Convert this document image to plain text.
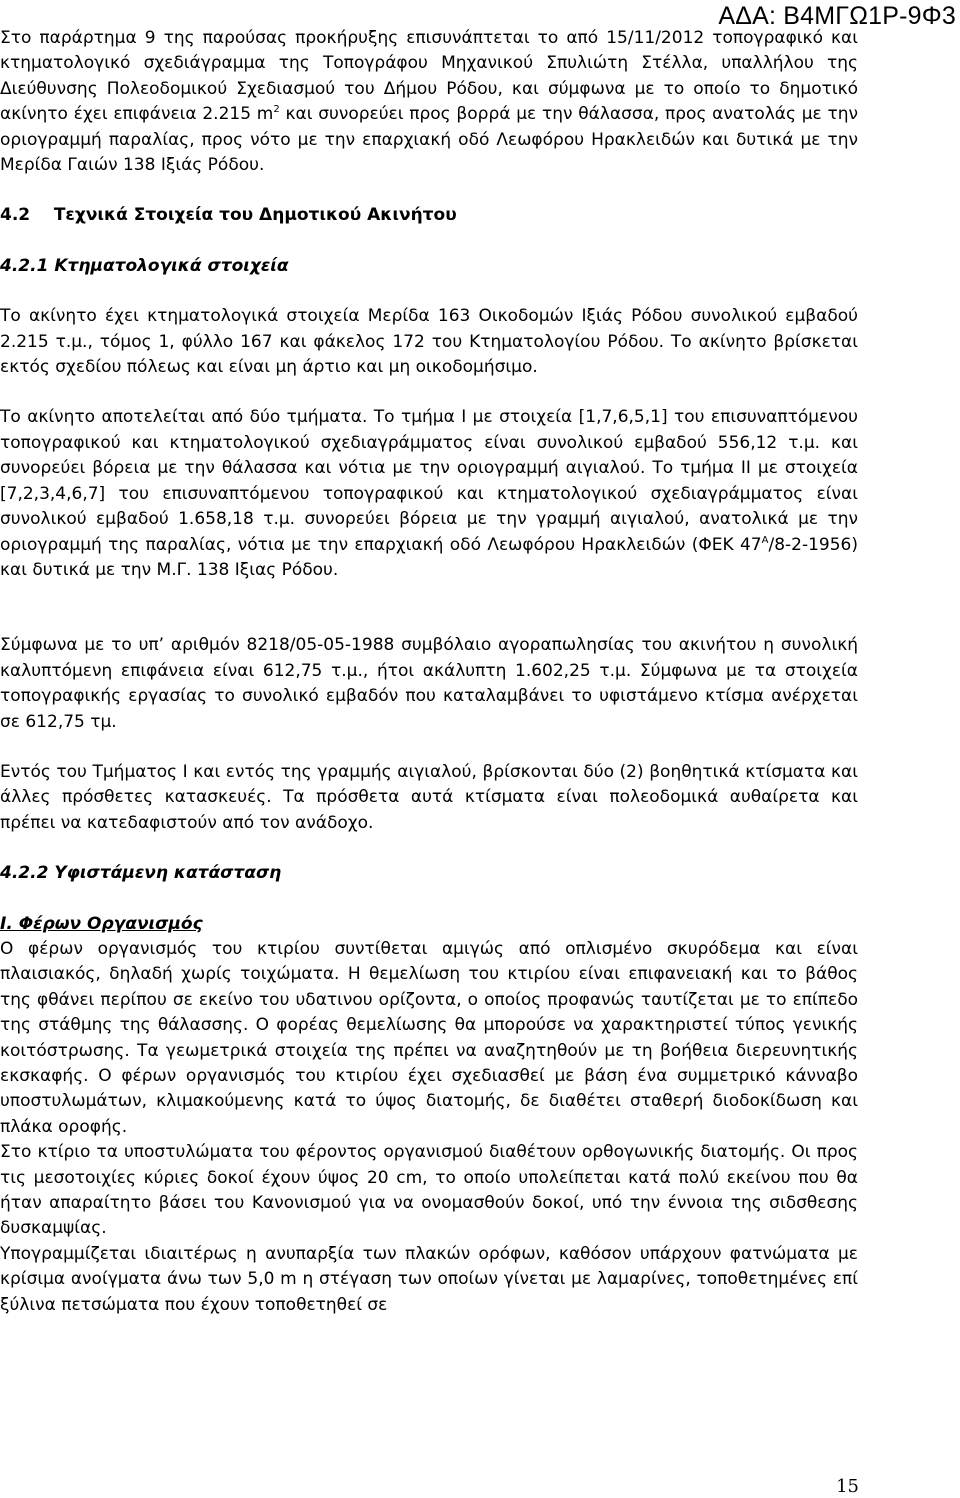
ΑΔΑ: Β4ΜΓΩ1Ρ-9Φ3

Στο παράρτημα 9 της παρούσας προκήρυξης επισυνάπτεται το από 15/11/2012 τοπογραφικό και κτηματολογικό σχεδιάγραμμα της Τοπογράφου Μηχανικού Σπυλιώτη Στέλλα, υπαλλήλου της Διεύθυνσης Πολεοδομικού Σχεδιασμού του Δήμου Ρόδου, και σύμφωνα με το οποίο το δημοτικό ακίνητο έχει επιφάνεια 2.215 $m^2$ και συνορεύει προς βορρά με την θάλασσα, προς ανατολάς με την οριογραμμή παραλίας, προς νότο με την επαρχιακή οδό Λεωφόρου Ηρακλειδών και δυτικά με την Μερίδα Γαιών 138 Ιξιάς Ρόδου.

4.2 Τεχνικά Στοιχεία του Δημοτικού Ακινήτου

4.2.1 Κτηματολογικά στοιχεία

Το ακίνητο έχει κτηματολογικά στοιχεία Μερίδα 163 Οικοδομών Ιξιάς Ρόδου συνολικού εμβαδού 2.215 τ.μ., τόμος 1, φύλλο 167 και φάκελος 172 του Κτηματολογίου Ρόδου. Το ακίνητο βρίσκεται εκτός σχεδίου πόλεως και είναι μη άρτιο και μη οικοδομήσιμο.

Το ακίνητο αποτελείται από δύο τμήματα. Το τμήμα Ι με στοιχεία [1,7,6,5,1] του επισυναπτόμενου τοπογραφικού και κτηματολογικού σχεδιαγράμματος είναι συνολικού εμβαδού 556,12 τ.μ. και συνορεύει βόρεια με την θάλασσα και νότια με την οριογραμμή αιγιαλού. Το τμήμα ΙΙ με στοιχεία [7,2,3,4,6,7] του επισυναπτόμενου τοπογραφικού και κτηματολογικού σχεδιαγράμματος είναι συνολικού εμβαδού 1.658,18 τ.μ. συνορεύει βόρεια με την γραμμή αιγιαλού, ανατολικά με την οριογραμμή της παραλίας, νότια με την επαρχιακή οδό Λεωφόρου Ηρακλειδών (ΦΕΚ $47^A/8-2-1956$) και δυτικά με την Μ.Γ. 138 Ιξιας Ρόδου.

Σύμφωνα με το υπ’ αριθμόν 8218/05-05-1988 συμβόλαιο αγοραπωλησίας του ακινήτου η συνολική καλυπτόμενη επιφάνεια είναι 612,75 τ.μ., ήτοι ακάλυπτη 1.602,25 τ.μ. Σύμφωνα με τα στοιχεία τοπογραφικής εργασίας το συνολικό εμβαδόν που καταλαμβάνει το υφιστάμενο κτίσμα ανέρχεται σε 612,75 τμ.

Εντός του Τμήματος Ι και εντός της γραμμής αιγιαλού, βρίσκονται δύο (2) βοηθητικά κτίσματα και άλλες πρόσθετες κατασκευές. Τα πρόσθετα αυτά κτίσματα είναι πολεοδομικά αυθαίρετα και πρέπει να κατεδαφιστούν από τον ανάδοχο.

4.2.2 Υφιστάμενη κατάσταση

Ι. Φέρων Οργανισμός

Ο φέρων οργανισμός του κτιρίου συντίθεται αμιγώς από οπλισμένο σκυρόδεμα και είναι πλαισιακός, δηλαδή χωρίς τοιχώματα. Η θεμελίωση του κτιρίου είναι επιφανειακή και το βάθος της φθάνει περίπου σε εκείνο του υδατινου ορίζοντα, ο οποίος προφανώς ταυτίζεται με το επίπεδο της στάθμης της θάλασσης. Ο φορέας θεμελίωσης θα μπορούσε να χαρακτηριστεί τύπος γενικής κοιτόστρωσης. Τα γεωμετρικά στοιχεία της πρέπει να αναζητηθούν με τη βοήθεια διερευνητικής εκσκαφής. Ο φέρων οργανισμός του κτιρίου έχει σχεδιασθεί με βάση ένα συμμετρικό κάνναβο υποστυλωμάτων, κλιμακούμενης κατά το ύψος διατομής, δε διαθέτει σταθερή διοδοκίδωση και πλάκα οροφής.

Στο κτίριο τα υποστυλώματα του φέροντος οργανισμού διαθέτουν ορθογωνικής διατομής. Οι προς τις μεσοτοιχίες κύριες δοκοί έχουν ύψος 20 cm, το οποίο υπολείπεται κατά πολύ εκείνου που θα ήταν απαραίτητο βάσει του Κανονισμού για να ονομασθούν δοκοί, υπό την έννοια της σιδσθεσης δυσκαμψίας.

Υπογραμμίζεται ιδιαιτέρως η ανυπαρξία των πλακών ορόφων, καθόσον υπάρχουν φατνώματα με κρίσιμα ανοίγματα άνω των 5,0 m η στέγαση των οποίων γίνεται με λαμαρίνες, τοποθετημένες επί ξύλινα πετσώματα που έχουν τοποθετηθεί σε

15
